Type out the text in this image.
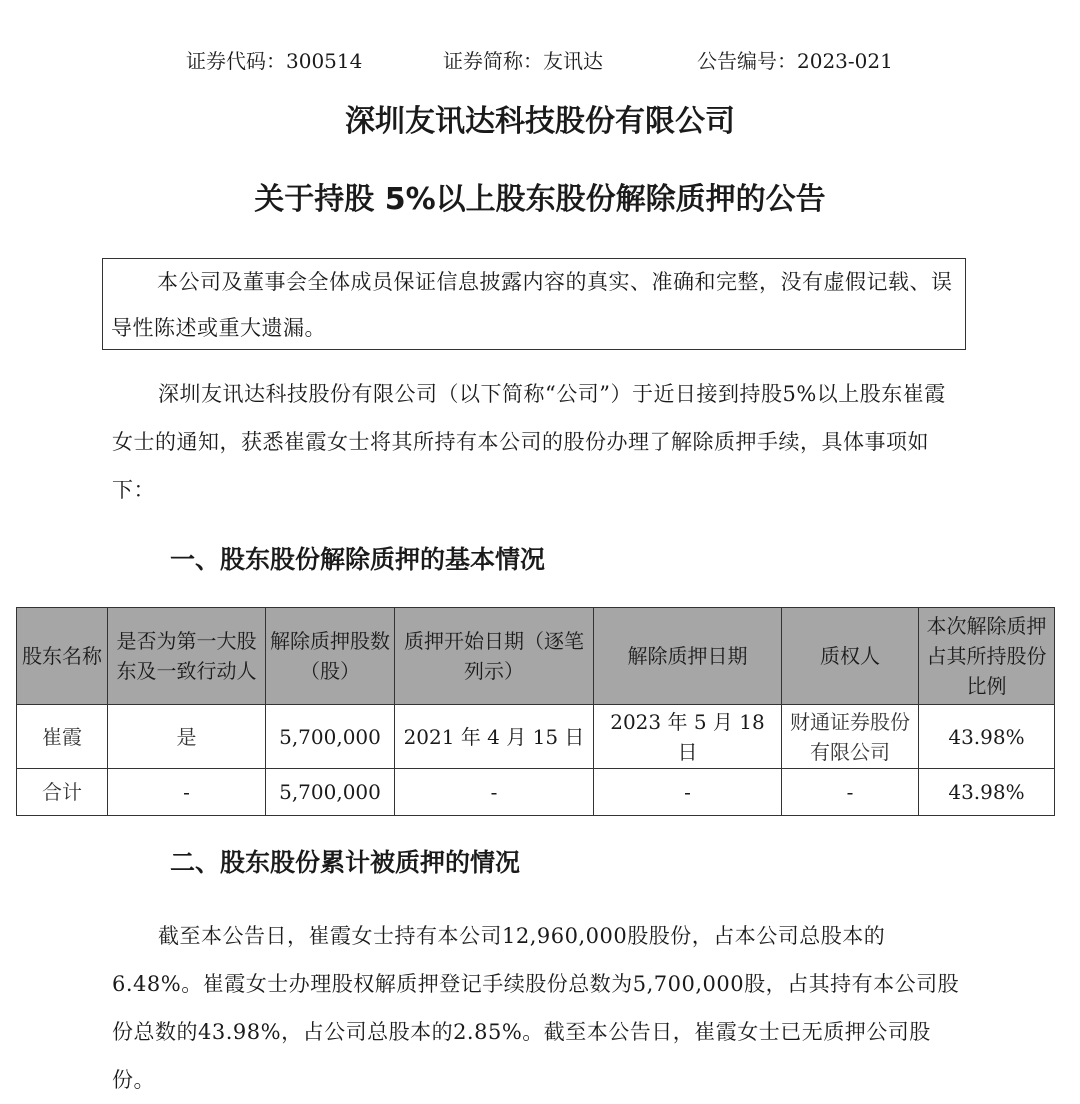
证券代码：300514	证券简称：友讯达	公告编号：2023-021
深圳友讯达科技股份有限公司
关于持股 5%以上股东股份解除质押的公告
本公司及董事会全体成员保证信息披露内容的真实、准确和完整，没有虚假记载、误导性陈述或重大遗漏。
深圳友讯达科技股份有限公司（以下简称“公司”）于近日接到持股5%以上股东崔霞女士的通知，获悉崔霞女士将其所持有本公司的股份办理了解除质押手续，具体事项如下：
一、股东股份解除质押的基本情况
股东名称	是否为第一大股东及一致行动人	解除质押股数（股）	质押开始日期（逐笔列示）	解除质押日期	质权人	本次解除质押占其所持股份比例
崔霞	是	5,700,000	2021 年 4 月 15 日	2023 年 5 月 18 日	财通证券股份有限公司	43.98%
合计	-	5,700,000	-	-	-	43.98%
二、股东股份累计被质押的情况
截至本公告日，崔霞女士持有本公司12,960,000股股份，占本公司总股本的6.48%。崔霞女士办理股权解质押登记手续股份总数为5,700,000股，占其持有本公司股份总数的43.98%，占公司总股本的2.85%。截至本公告日，崔霞女士已无质押公司股份。
